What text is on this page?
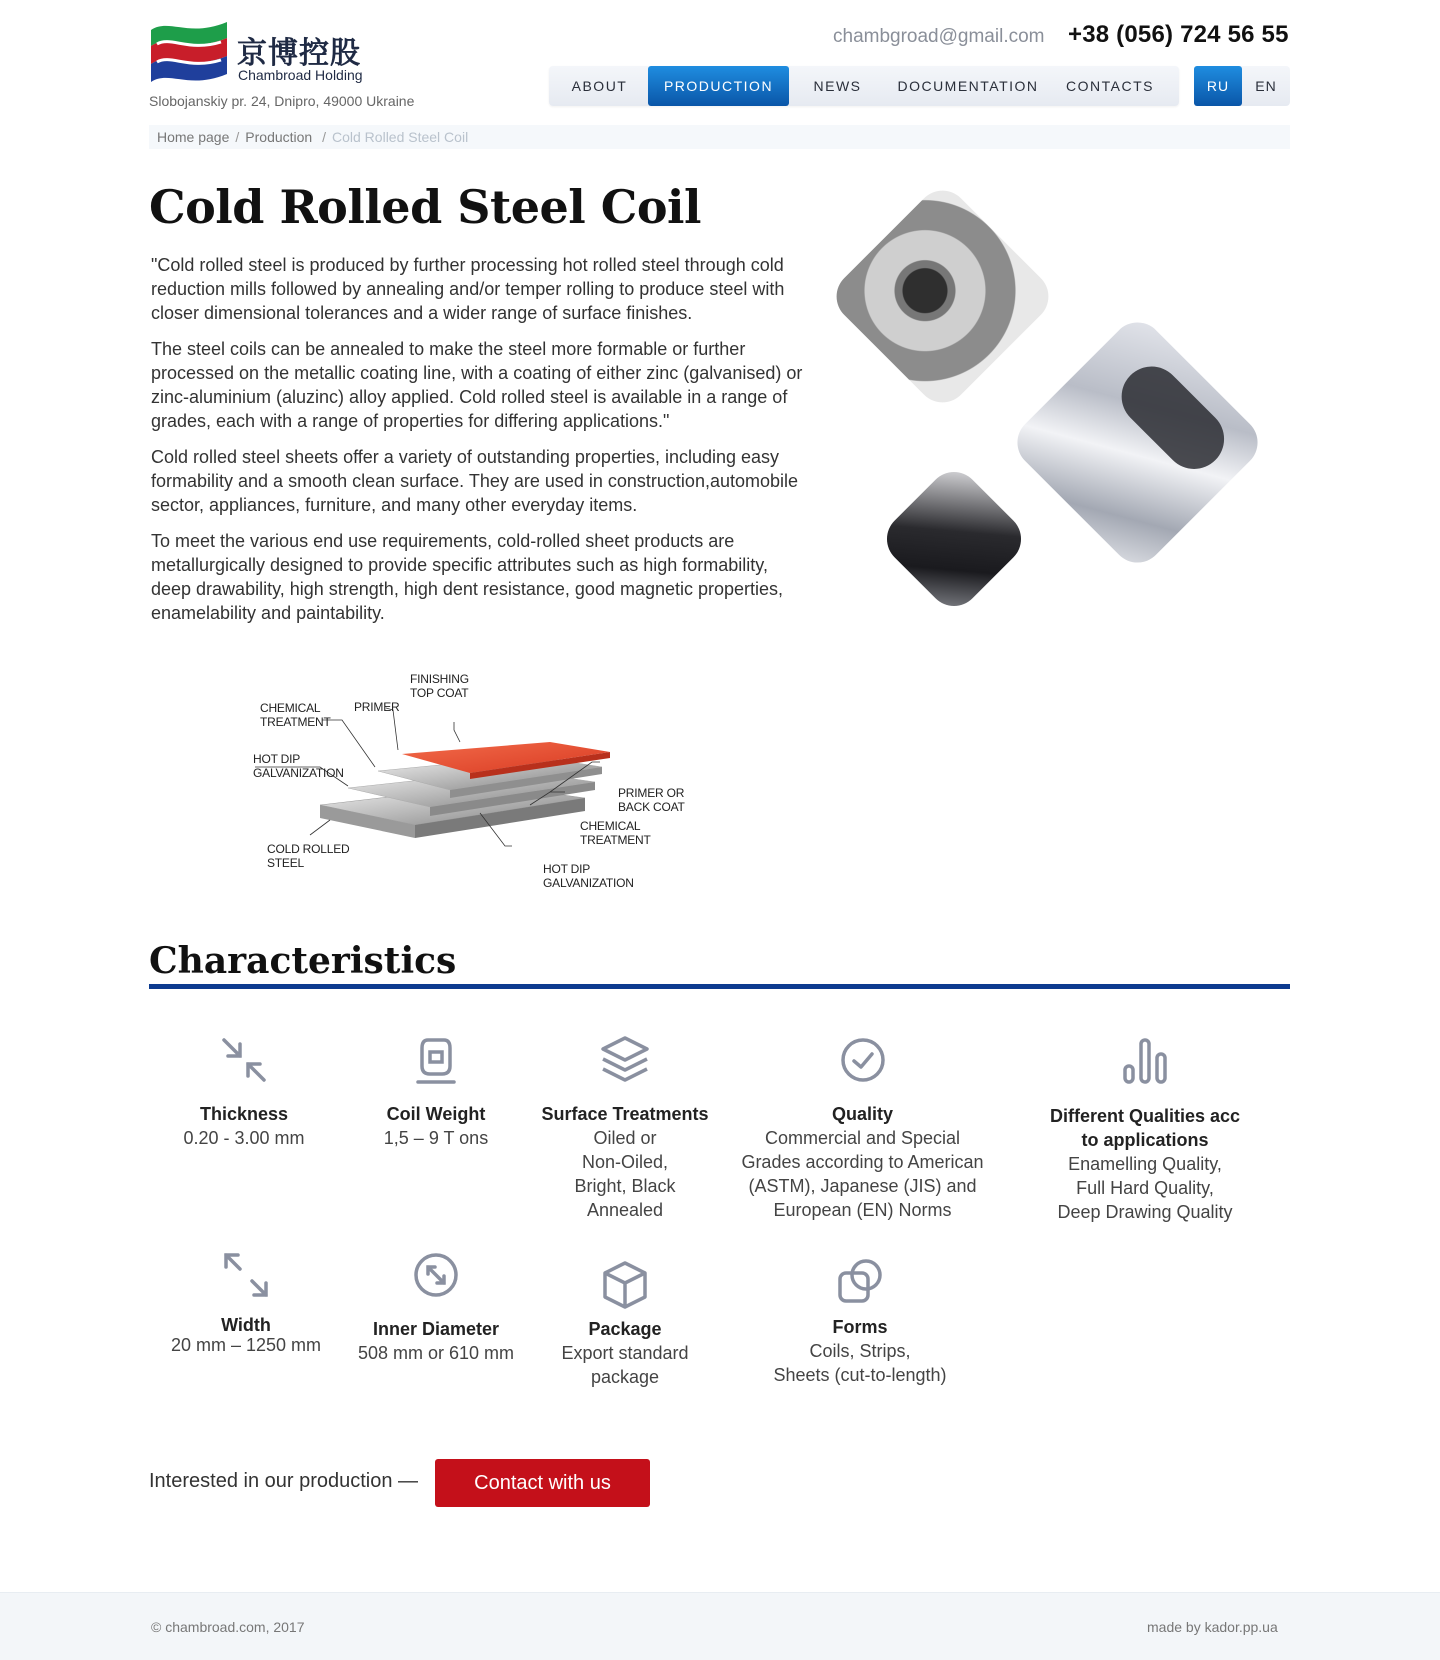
京博控股
Chambroad Holding
Slobojanskiy pr. 24, Dnipro, 49000 Ukraine
chambgroad@gmail.com +38 (056) 724 56 55
ABOUT	PRODUCTION	NEWS	DOCUMENTATION	CONTACTS	RU	EN
Home page / Production / Cold Rolled Steel Coil
Cold Rolled Steel Coil

"Cold rolled steel is produced by further processing hot rolled steel through cold reduction mills followed by annealing and/or temper rolling to produce steel with closer dimensional tolerances and a wider range of surface finishes.

The steel coils can be annealed to make the steel more formable or further processed on the metallic coating line, with a coating of either zinc (galvanised) or zinc-aluminium (aluzinc) alloy applied. Cold rolled steel is available in a range of grades, each with a range of properties for differing applications."

Cold rolled steel sheets offer a variety of outstanding properties, including easy formability and a smooth clean surface. They are used in construction,automobile sector, appliances, furniture, and many other everyday items.

To meet the various end use requirements, cold-rolled sheet products are metallurgically designed to provide specific attributes such as high formability, deep drawability, high strength, high dent resistance, good magnetic properties, enamelability and paintability.

FINISHING
TOP COAT
PRIMER
CHEMICAL
TREATMENT
HOT DIP
GALVANIZATION
PRIMER OR
BACK COAT
CHEMICAL
TREATMENT
COLD ROLLED
STEEL	HOT DIP
GALVANIZATION
Characteristics
Thickness
0.20 - 3.00 mm
Coil Weight
1,5 – 9 T ons
Surface Treatments
Oiled or
Non-Oiled,
Bright, Black
Annealed
Quality
Commercial and Special
Grades according to American
(ASTM), Japanese (JIS) and
European (EN) Norms
Different Qualities acc
to applications
Enamelling Quality,
Full Hard Quality,
Deep Drawing Quality
Width
20 mm – 1250 mm
Inner Diameter
508 mm or 610 mm
Package
Export standard
package
Forms
Coils, Strips,
Sheets (cut-to-length)
Interested in our production —	Contact with us
© chambroad.com, 2017	made by kador.pp.ua
